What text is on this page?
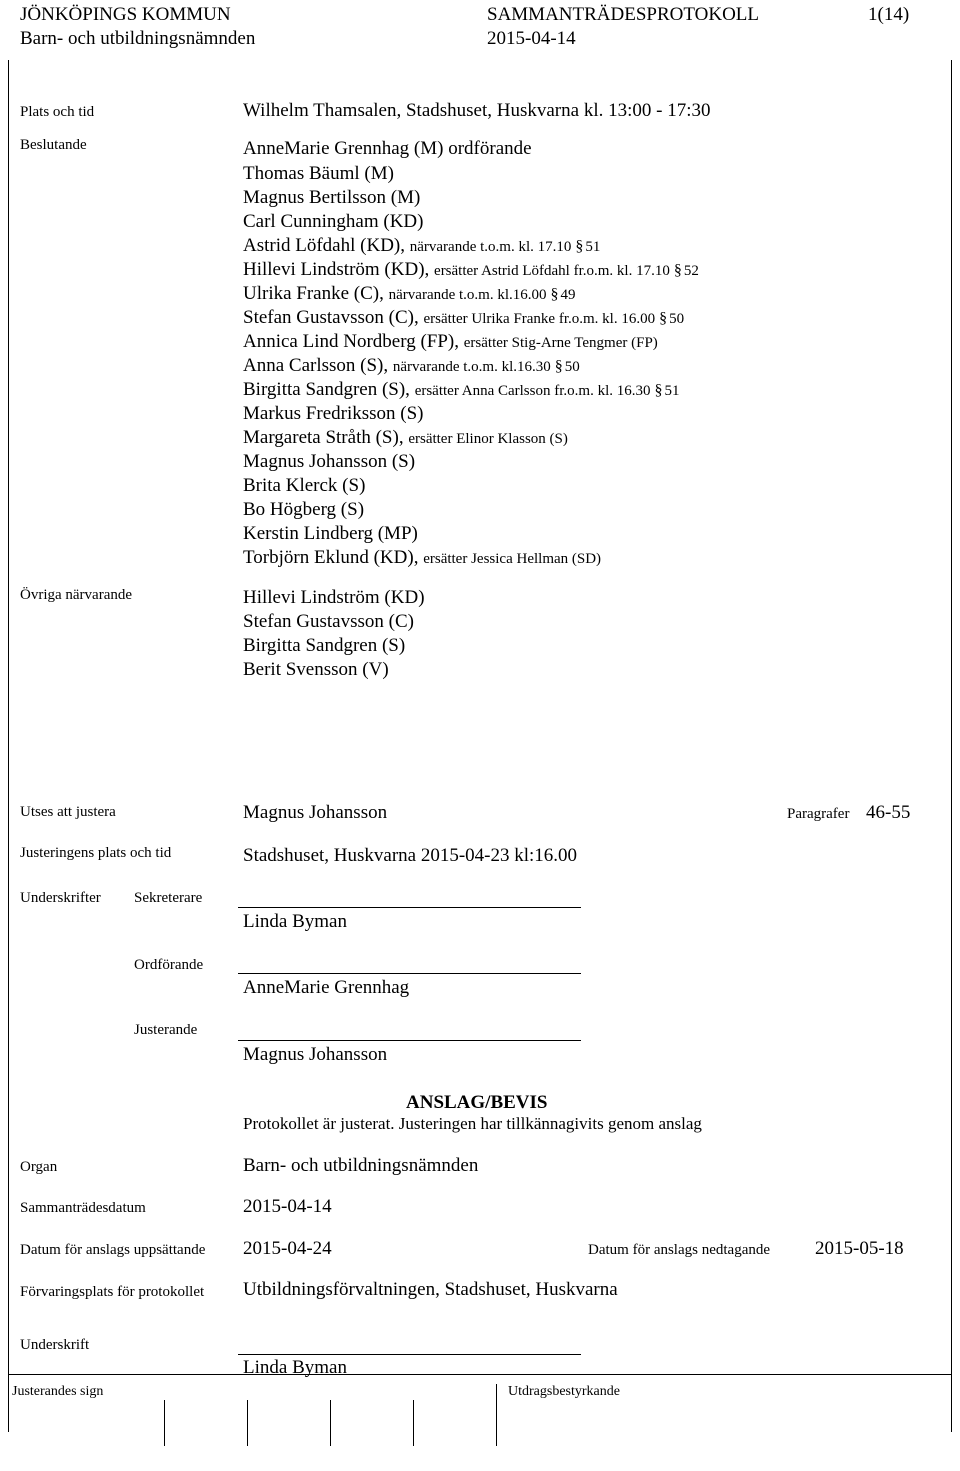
JÖNKÖPINGS KOMMUN	SAMMANTRÄDESPROTOKOLL	1(14)
Barn- och utbildningsnämnden	2015-04-14
Plats och tid	Wilhelm Thamsalen, Stadshuset, Huskvarna kl. 13:00 - 17:30
Beslutande	AnneMarie Grennhag (M) ordförande
Thomas Bäuml (M)
Magnus Bertilsson (M)
Carl Cunningham (KD)
Astrid Löfdahl (KD), närvarande t.o.m. kl. 17.10 § 51
Hillevi Lindström (KD), ersätter Astrid Löfdahl fr.o.m. kl. 17.10 § 52
Ulrika Franke (C), närvarande t.o.m. kl.16.00 § 49
Stefan Gustavsson (C), ersätter Ulrika Franke fr.o.m. kl. 16.00 § 50
Annica Lind Nordberg (FP), ersätter Stig-Arne Tengmer (FP)
Anna Carlsson (S), närvarande t.o.m. kl.16.30 § 50
Birgitta Sandgren (S), ersätter Anna Carlsson fr.o.m. kl. 16.30 § 51
Markus Fredriksson (S)
Margareta Stråth (S), ersätter Elinor Klasson (S)
Magnus Johansson (S)
Brita Klerck (S)
Bo Högberg (S)
Kerstin Lindberg (MP)
Torbjörn Eklund (KD), ersätter Jessica Hellman (SD)
Övriga närvarande	Hillevi Lindström (KD)
Stefan Gustavsson (C)
Birgitta Sandgren (S)
Berit Svensson (V)
Utses att justera	Magnus Johansson	Paragrafer 46-55
Justeringens plats och tid	Stadshuset, Huskvarna 2015-04-23 kl:16.00
Underskrifter Sekreterare
Linda Byman
Ordförande
AnneMarie Grennhag
Justerande
Magnus Johansson
ANSLAG/BEVIS
Protokollet är justerat. Justeringen har tillkännagivits genom anslag
Organ	Barn- och utbildningsnämnden
Sammanträdesdatum	2015-04-14
Datum för anslags uppsättande 2015-04-24	Datum för anslags nedtagande 2015-05-18
Förvaringsplats för protokollet Utbildningsförvaltningen, Stadshuset, Huskvarna
Underskrift
Linda Byman
Justerandes sign	Utdragsbestyrkande
